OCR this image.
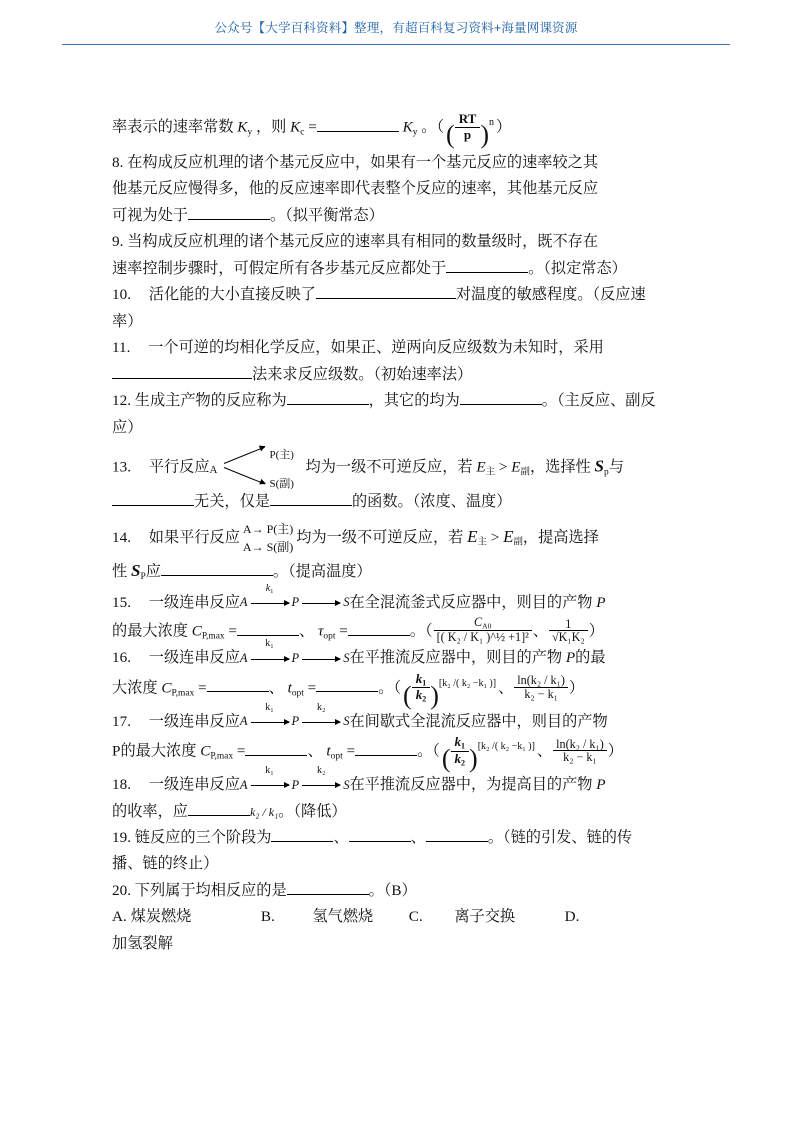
公众号【大学百科资料】整理，有超百科复习资料+海量网课资源
率表示的速率常数 $K_y$ ，则 $K_c$ =	$K_y$ 。（( $\frac{RT}{p} )^n$ ）
8. 在构成反应机理的诸个基元反应中，如果有一个基元反应的速率较之其
他基元反应慢得多，他的反应速率即代表整个反应的速率，其他基元反应
可视为处于	。（拟平衡常态）
9. 当构成反应机理的诸个基元反应的速率具有相同的数量级时，既不存在
速率控制步骤时，可假定所有各步基元反应都处于	。（拟定常态）
10. 活化能的大小直接反映了	对温度的敏感程度。（反应速
率）
11. 一个可逆的均相化学反应，如果正、逆两向反应级数为未知时，采用
法来求反应级数。（初始速率法）
12. 生成主产物的反应称为	，其它的均为	。（主反应、副反
应）
13. 平行反应 A
P(主)
S(副)
均为一级不可逆反应，若 $E_主 > E_副$，选择性 $S_p$与
无关，仅是	的函数。（浓度、温度）
14. 如果平行反应 A→ P(主)
A→ S(副)
均为一级不可逆反应，若 $E_主 > E_副$，提高选择
性 $S_P$应	。（提高温度）
15. 一级连串反应A
$k_1$
P	S在全混流釜式反应器中，则目的产物 P
的最大浓度 $C_{P,max}$ =	、 $\tau_{opt}$ =	。（ $\frac{C_{A0}}{\text{[( K₂ / K₁ )\textasciicircum{}½ +1]²}}$ 、 $\frac{1}{\text{√K₁K₂}}$ ）
16. 一级连串反应A
k₁
P	S在平推流反应器中，则目的产物 P的最
大浓度 $C_{P,max}$ =	、 $t_{opt}$ =	。（( $\frac{k_1}{k_2} )[k_2 /( k_2 -k_1 )]$ 、 $\frac{\text{ln(k₂ / k₁)}}{\text{k₂ − k₁}}$ ）
17. 一级连串反应A
k₁
P
k₂
S在间歇式全混流反应器中，则目的产物
P的最大浓度 $C_{P,max}$ =	、 $t_{opt}$ =	。（( $\frac{k_1}{k_2} )[k_2 /( k_2 -k_1 )]$ 、 $\frac{\text{ln(k₂ / k₁)}}{\text{k₂ − k₁}}$ ）
18. 一级连串反应A
k₁
P
k₂
S在平推流反应器中，为提高目的产物 P
的收率，应	k₂ / k₁。（降低）
19. 链反应的三个阶段为	、	、	。（链的引发、链的传
播、链的终止）
20. 下列属于均相反应的是	。（B）
A. 煤炭燃烧	B. 氢气燃烧 C. 离子交换	D.
加氢裂解
